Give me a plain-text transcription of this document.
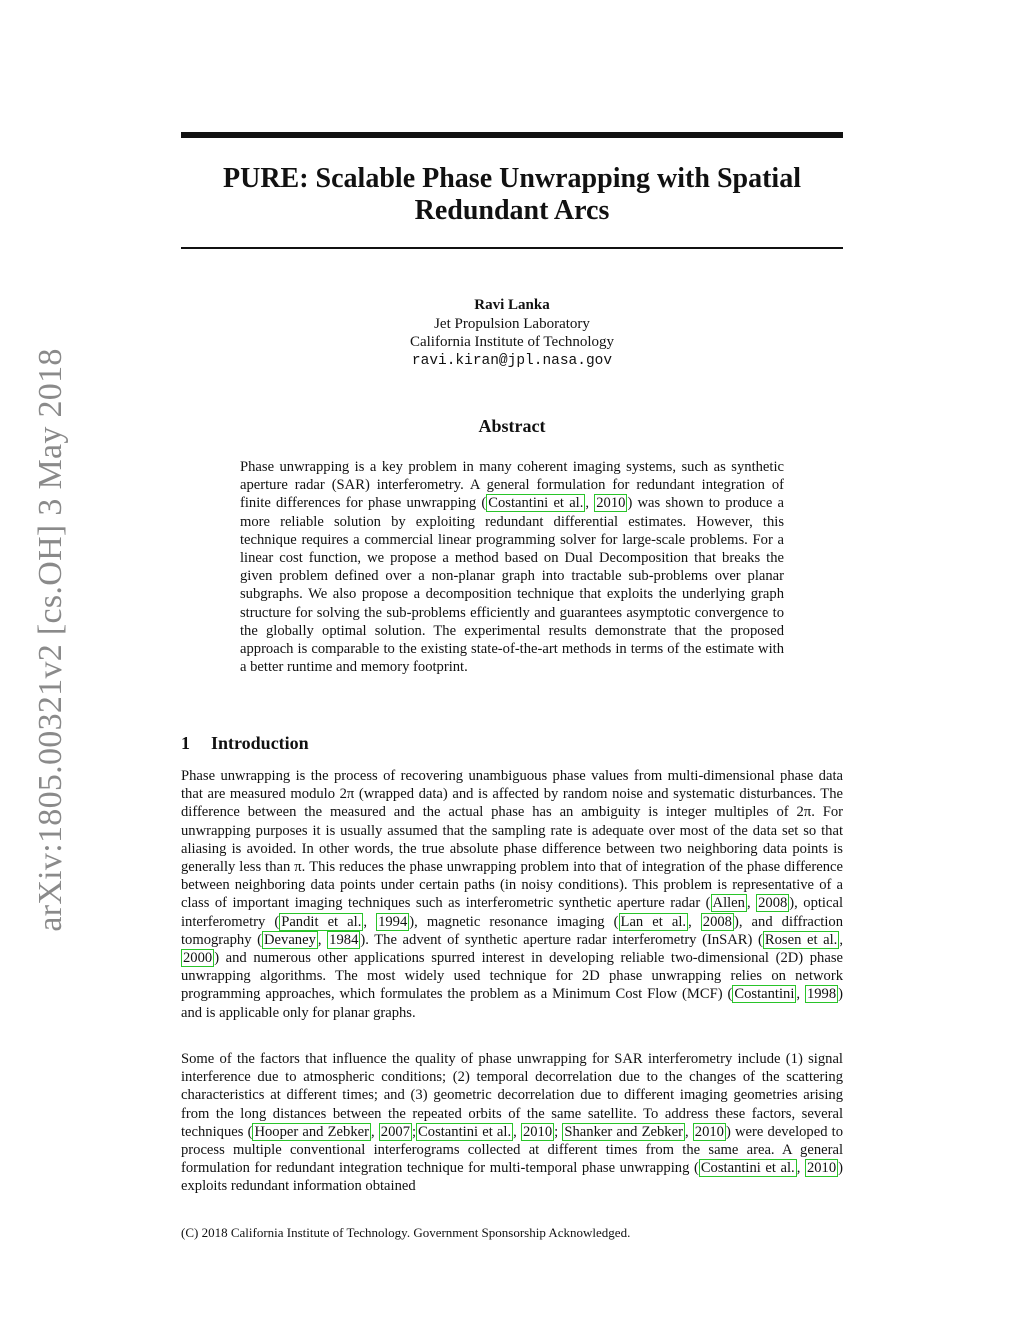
arXiv:1805.00321v2 [cs.OH] 3 May 2018
PURE: Scalable Phase Unwrapping with Spatial Redundant Arcs
Ravi Lanka
Jet Propulsion Laboratory
California Institute of Technology
ravi.kiran@jpl.nasa.gov
Abstract

Phase unwrapping is a key problem in many coherent imaging systems, such as synthetic aperture radar (SAR) interferometry. A general formulation for redundant integration of finite differences for phase unwrapping ( Costantini et al. , 2010 ) was shown to produce a more reliable solution by exploiting redundant differential estimates. However, this technique requires a commercial linear programming solver for large-scale problems. For a linear cost function, we propose a method based on Dual Decomposition that breaks the given problem defined over a non-planar graph into tractable sub-problems over planar subgraphs. We also propose a decomposition technique that exploits the underlying graph structure for solving the sub-problems efficiently and guarantees asymptotic convergence to the globally optimal solution. The experimental results demonstrate that the proposed approach is comparable to the existing state-of-the-art methods in terms of the estimate with a better runtime and memory footprint.

1 Introduction

Phase unwrapping is the process of recovering unambiguous phase values from multi-dimensional phase data that are measured modulo 2π (wrapped data) and is affected by random noise and systematic disturbances. The difference between the measured and the actual phase has an ambiguity is integer multiples of 2π. For unwrapping purposes it is usually assumed that the sampling rate is adequate over most of the data set so that aliasing is avoided. In other words, the true absolute phase difference between two neighboring data points is generally less than π. This reduces the phase unwrapping problem into that of integration of the phase difference between neighboring data points under certain paths (in noisy conditions). This problem is representative of a class of important imaging techniques such as interferometric synthetic aperture radar ( Allen , 2008 ), optical interferometry ( Pandit et al. , 1994 ), magnetic resonance imaging ( Lan et al. , 2008 ), and diffraction tomography ( Devaney , 1984 ). The advent of synthetic aperture radar interferometry (InSAR) ( Rosen et al. , 2000 ) and numerous other applications spurred interest in developing reliable two-dimensional (2D) phase unwrapping algorithms. The most widely used technique for 2D phase unwrapping relies on network programming approaches, which formulates the problem as a Minimum Cost Flow (MCF) ( Costantini , 1998 ) and is applicable only for planar graphs.

Some of the factors that influence the quality of phase unwrapping for SAR interferometry include (1) signal interference due to atmospheric conditions; (2) temporal decorrelation due to the changes of the scattering characteristics at different times; and (3) geometric decorrelation due to different imaging geometries arising from the long distances between the repeated orbits of the same satellite. To address these factors, several techniques ( Hooper and Zebker , 2007 ; Costantini et al. , 2010 ; Shanker and Zebker , 2010 ) were developed to process multiple conventional interferograms collected at different times from the same area. A general formulation for redundant integration technique for multi-temporal phase unwrapping ( Costantini et al. , 2010 ) exploits redundant information obtained

(C) 2018 California Institute of Technology. Government Sponsorship Acknowledged.
